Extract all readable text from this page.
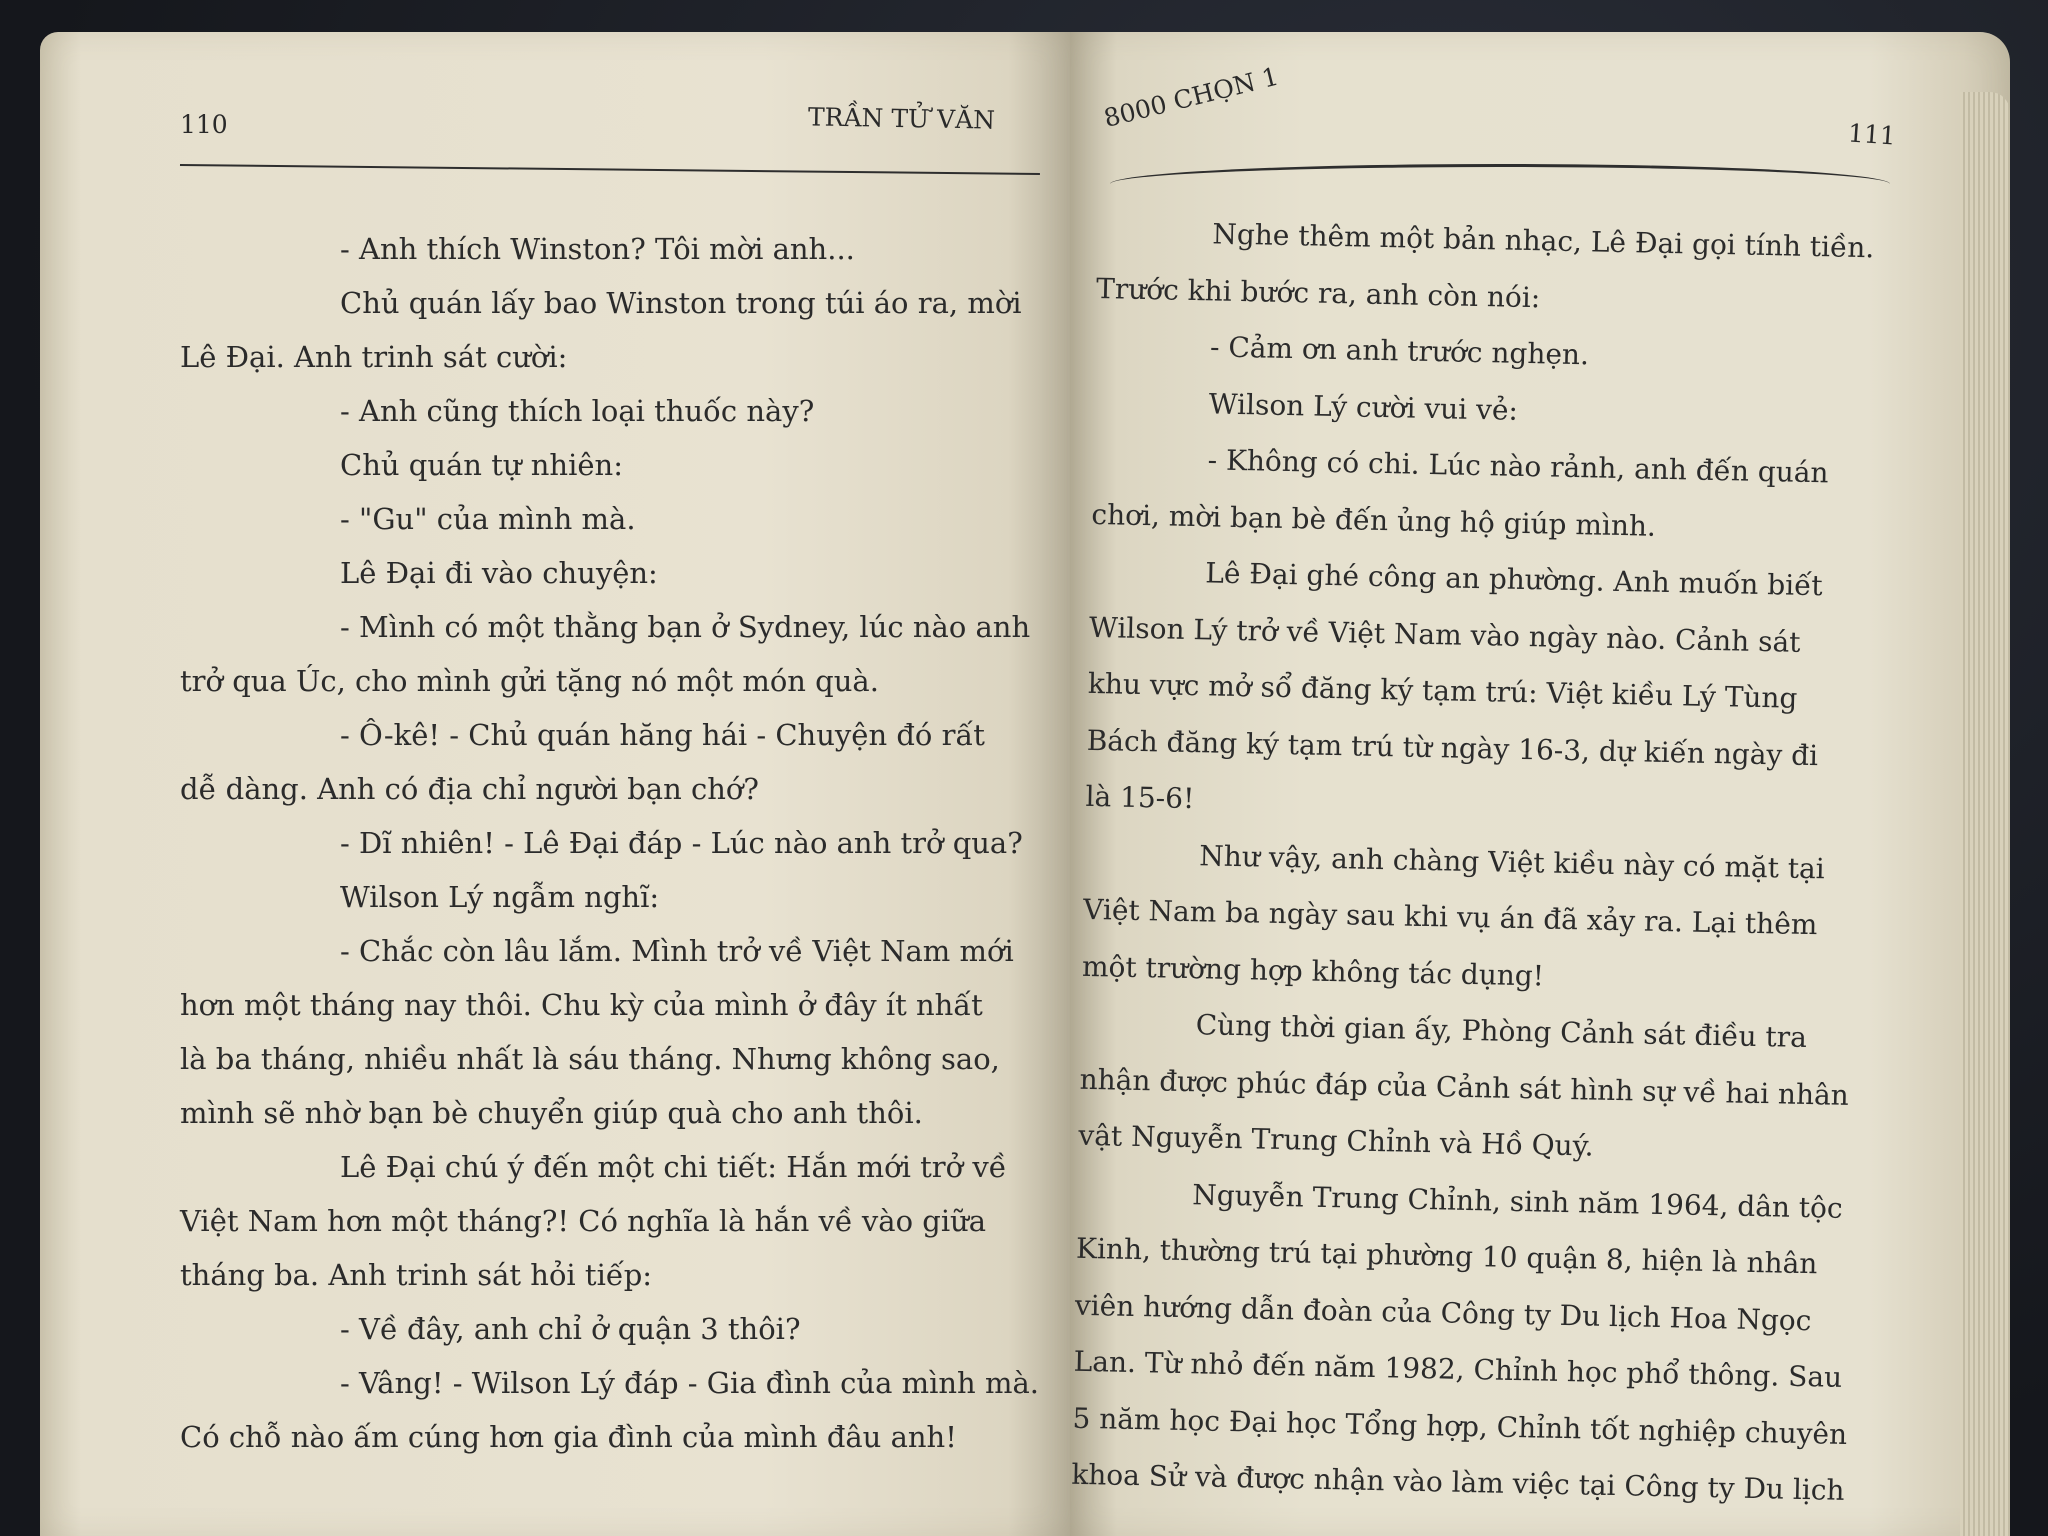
110	TRẦN TỬ VĂN
- Anh thích Winston? Tôi mời anh...
Chủ quán lấy bao Winston trong túi áo ra, mời
Lê Đại. Anh trinh sát cười:
- Anh cũng thích loại thuốc này?
Chủ quán tự nhiên:
- "Gu" của mình mà.
Lê Đại đi vào chuyện:
- Mình có một thằng bạn ở Sydney, lúc nào anh
trở qua Úc, cho mình gửi tặng nó một món quà.
- Ô-kê! - Chủ quán hăng hái - Chuyện đó rất
dễ dàng. Anh có địa chỉ người bạn chớ?
- Dĩ nhiên! - Lê Đại đáp - Lúc nào anh trở qua?
Wilson Lý ngẫm nghĩ:
- Chắc còn lâu lắm. Mình trở về Việt Nam mới
hơn một tháng nay thôi. Chu kỳ của mình ở đây ít nhất
là ba tháng, nhiều nhất là sáu tháng. Nhưng không sao,
mình sẽ nhờ bạn bè chuyển giúp quà cho anh thôi.
Lê Đại chú ý đến một chi tiết: Hắn mới trở về
Việt Nam hơn một tháng?! Có nghĩa là hắn về vào giữa
tháng ba. Anh trinh sát hỏi tiếp:
- Về đây, anh chỉ ở quận 3 thôi?
- Vâng! - Wilson Lý đáp - Gia đình của mình mà.
Có chỗ nào ấm cúng hơn gia đình của mình đâu anh!
8000 CHỌN 1
111
Nghe thêm một bản nhạc, Lê Đại gọi tính tiền.
Trước khi bước ra, anh còn nói:
- Cảm ơn anh trước nghẹn.
Wilson Lý cười vui vẻ:
- Không có chi. Lúc nào rảnh, anh đến quán
chơi, mời bạn bè đến ủng hộ giúp mình.
Lê Đại ghé công an phường. Anh muốn biết
Wilson Lý trở về Việt Nam vào ngày nào. Cảnh sát
khu vực mở sổ đăng ký tạm trú: Việt kiều Lý Tùng
Bách đăng ký tạm trú từ ngày 16-3, dự kiến ngày đi
là 15-6!
Như vậy, anh chàng Việt kiều này có mặt tại
Việt Nam ba ngày sau khi vụ án đã xảy ra. Lại thêm
một trường hợp không tác dụng!
Cùng thời gian ấy, Phòng Cảnh sát điều tra
nhận được phúc đáp của Cảnh sát hình sự về hai nhân
vật Nguyễn Trung Chỉnh và Hồ Quý.
Nguyễn Trung Chỉnh, sinh năm 1964, dân tộc
Kinh, thường trú tại phường 10 quận 8, hiện là nhân
viên hướng dẫn đoàn của Công ty Du lịch Hoa Ngọc
Lan. Từ nhỏ đến năm 1982, Chỉnh học phổ thông. Sau
5 năm học Đại học Tổng hợp, Chỉnh tốt nghiệp chuyên
khoa Sử và được nhận vào làm việc tại Công ty Du lịch
